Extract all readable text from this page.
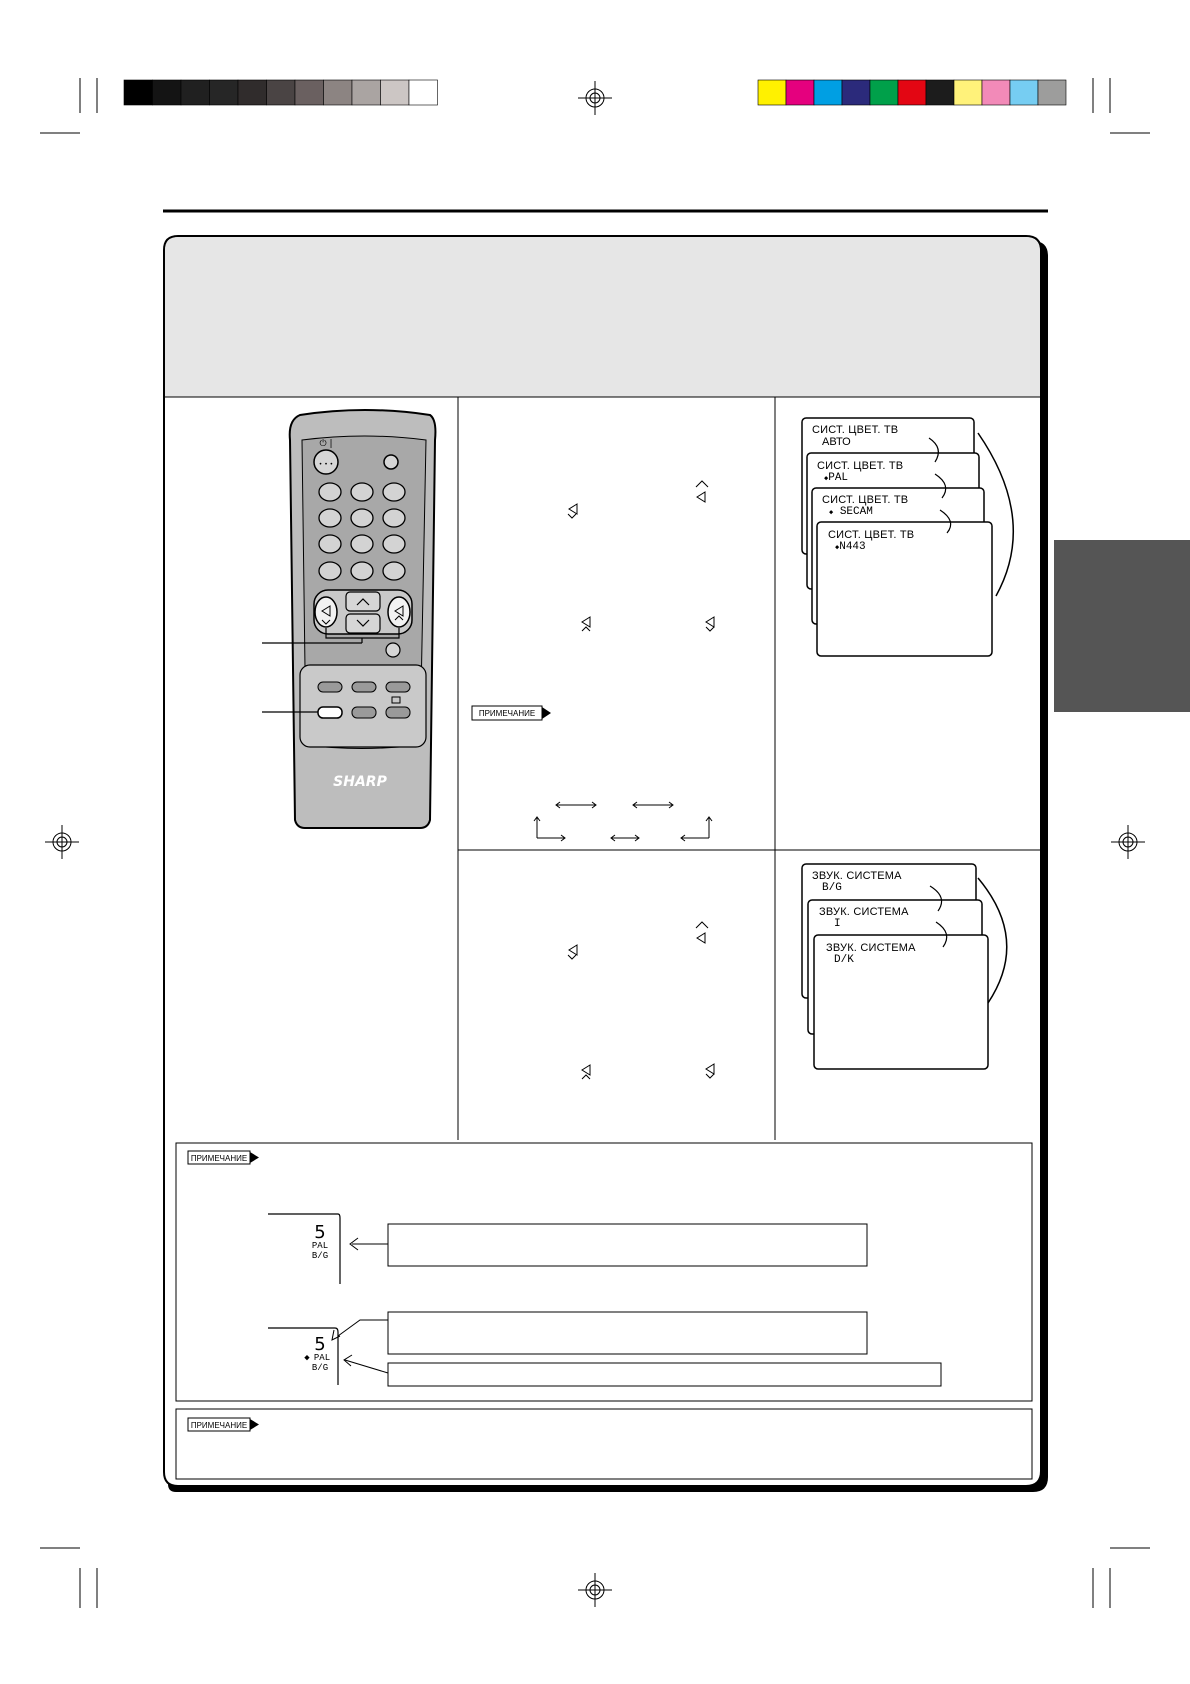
• • •
⏻ |
SHARP
ПРИМЕЧАНИЕ
ПРИМЕЧАНИЕ
ПРИМЕЧАНИЕ
5
PAL
B/G
5
◆ PAL
B/G
СИСТ. ЦВЕТ. ТВ
АВТО
СИСТ. ЦВЕТ. ТВ
◆PAL
СИСТ. ЦВЕТ. ТВ
◆ SECAM
СИСТ. ЦВЕТ. ТВ
◆N443
ЗВУК. СИСТЕМА
B/G
ЗВУК. СИСТЕМА
I
ЗВУК. СИСТЕМА
D/K
